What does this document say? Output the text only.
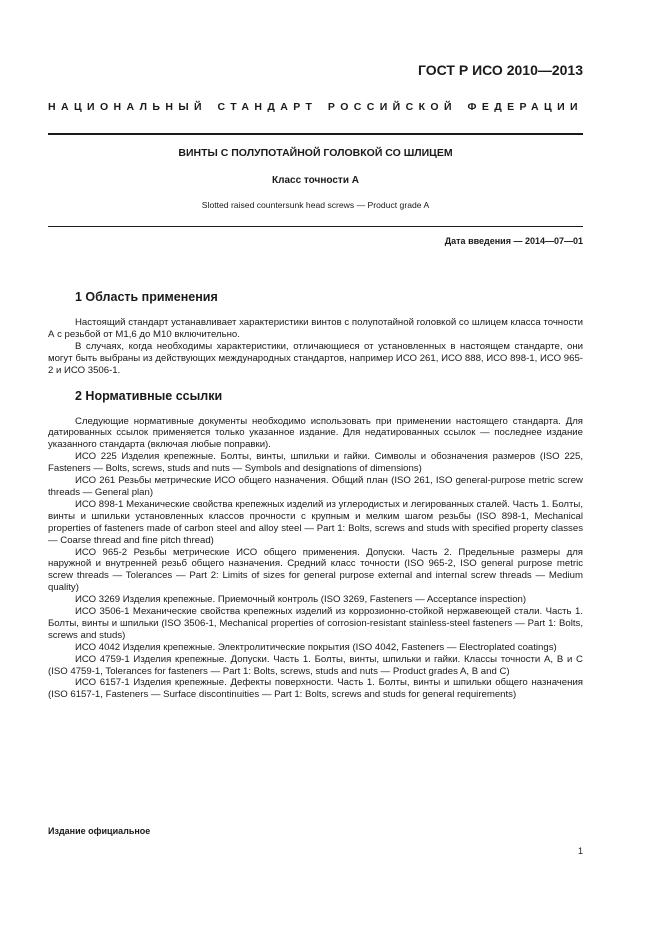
ГОСТ Р ИСО 2010—2013
НАЦИОНАЛЬНЫЙ СТАНДАРТ РОССИЙСКОЙ ФЕДЕРАЦИИ
ВИНТЫ С ПОЛУПОТАЙНОЙ ГОЛОВКОЙ СО ШЛИЦЕМ
Класс точности А
Slotted raised countersunk head screws — Product grade A
Дата введения — 2014—07—01
1 Область применения

Настоящий стандарт устанавливает характеристики винтов с полупотайной головкой со шлицем класса точности А с резьбой от М1,6 до М10 включительно.

В случаях, когда необходимы характеристики, отличающиеся от установленных в настоящем стандарте, они могут быть выбраны из действующих международных стандартов, например ИСО 261, ИСО 888, ИСО 898-1, ИСО 965-2 и ИСО 3506-1.

2 Нормативные ссылки

Следующие нормативные документы необходимо использовать при применении настоящего стандарта. Для датированных ссылок применяется только указанное издание. Для недатированных ссылок — последнее издание указанного стандарта (включая любые поправки).

ИСО 225 Изделия крепежные. Болты, винты, шпильки и гайки. Символы и обозначения размеров (ISO 225, Fasteners — Bolts, screws, studs and nuts — Symbols and designations of dimensions)

ИСО 261 Резьбы метрические ИСО общего назначения. Общий план (ISO 261, ISO general-purpose metric screw threads — General plan)

ИСО 898-1 Механические свойства крепежных изделий из углеродистых и легированных сталей. Часть 1. Болты, винты и шпильки установленных классов прочности с крупным и мелким шагом резьбы (ISO 898-1, Mechanical properties of fasteners made of carbon steel and alloy steel — Part 1: Bolts, screws and studs with specified property classes — Coarse thread and fine pitch thread)

ИСО 965-2 Резьбы метрические ИСО общего применения. Допуски. Часть 2. Предельные размеры для наружной и внутренней резьб общего назначения. Средний класс точности (ISO 965-2, ISO general purpose metric screw threads — Tolerances — Part 2: Limits of sizes for general purpose external and internal screw threads — Medium quality)

ИСО 3269 Изделия крепежные. Приемочный контроль (ISO 3269, Fasteners — Acceptance inspection)

ИСО 3506-1 Механические свойства крепежных изделий из коррозионно-стойкой нержавеющей стали. Часть 1. Болты, винты и шпильки (ISO 3506-1, Mechanical properties of corrosion-resistant stainless-steel fasteners — Part 1: Bolts, screws and studs)

ИСО 4042 Изделия крепежные. Электролитические покрытия (ISO 4042, Fasteners — Electroplated coatings)

ИСО 4759-1 Изделия крепежные. Допуски. Часть 1. Болты, винты, шпильки и гайки. Классы точности A, B и C (ISO 4759-1, Tolerances for fasteners — Part 1: Bolts, screws, studs and nuts — Product grades A, B and C)

ИСО 6157-1 Изделия крепежные. Дефекты поверхности. Часть 1. Болты, винты и шпильки общего назначения (ISO 6157-1, Fasteners — Surface discontinuities — Part 1: Bolts, screws and studs for general requirements)

Издание официальное
1
